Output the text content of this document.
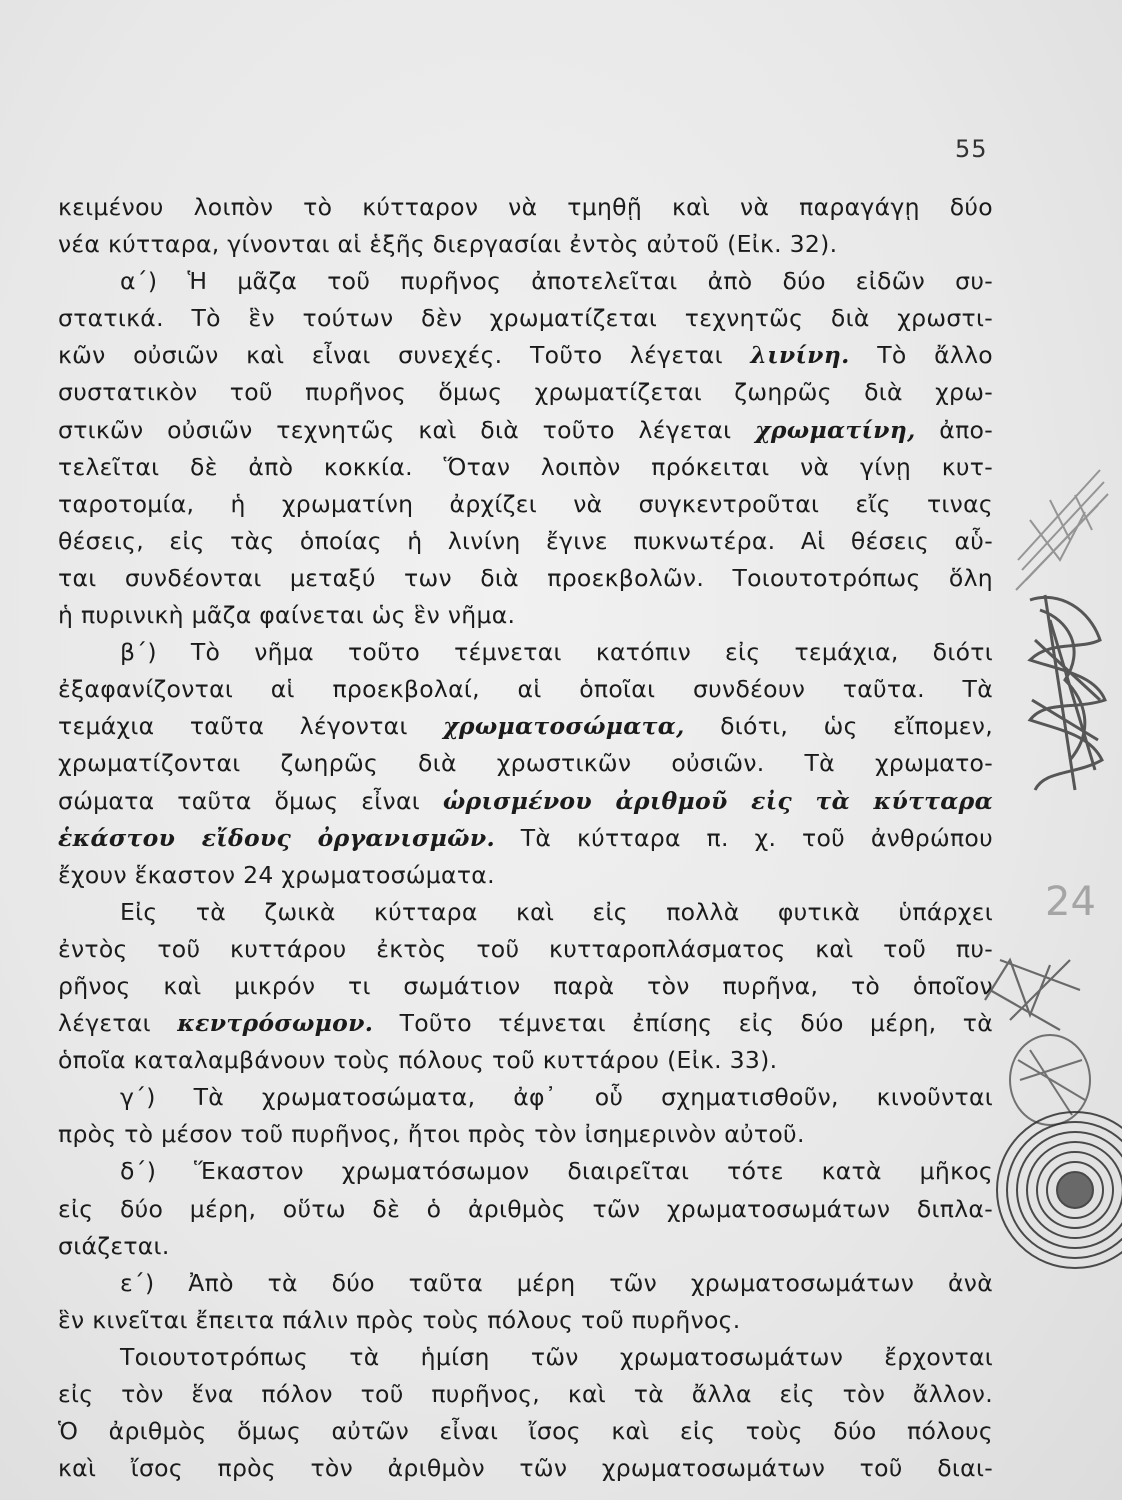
55
κειμένου λοιπὸν τὸ κύτταρον νὰ τμηθῇ καὶ νὰ παραγάγῃ δύο
νέα κύτταρα, γίνονται αἱ ἑξῆς διεργασίαι ἐντὸς αὐτοῦ (Εἰκ. 32).
α΄) Ἡ μᾶζα τοῦ πυρῆνος ἀποτελεῖται ἀπὸ δύο εἰδῶν συ-
στατικά. Τὸ ἓν τούτων δὲν χρωματίζεται τεχνητῶς διὰ χρωστι-
κῶν οὐσιῶν καὶ εἶναι συνεχές. Τοῦτο λέγεται λινίνη. Τὸ ἄλλο
συστατικὸν τοῦ πυρῆνος ὅμως χρωματίζεται ζωηρῶς διὰ χρω-
στικῶν οὐσιῶν τεχνητῶς καὶ διὰ τοῦτο λέγεται χρωματίνη, ἀπο-
τελεῖται δὲ ἀπὸ κοκκία. Ὅταν λοιπὸν πρόκειται νὰ γίνῃ κυτ-
ταροτομία, ἡ χρωματίνη ἀρχίζει νὰ συγκεντροῦται εἴς τινας
θέσεις, εἰς τὰς ὁποίας ἡ λινίνη ἔγινε πυκνωτέρα. Αἱ θέσεις αὗ-
ται συνδέονται μεταξύ των διὰ προεκβολῶν. Τοιουτοτρόπως ὅλη
ἡ πυρινικὴ μᾶζα φαίνεται ὡς ἓν νῆμα.
β΄) Τὸ νῆμα τοῦτο τέμνεται κατόπιν εἰς τεμάχια, διότι
ἐξαφανίζονται αἱ προεκβολαί, αἱ ὁποῖαι συνδέουν ταῦτα. Τὰ
τεμάχια ταῦτα λέγονται χρωματοσώματα, διότι, ὡς εἴπομεν,
χρωματίζονται ζωηρῶς διὰ χρωστικῶν οὐσιῶν. Τὰ χρωματο-
σώματα ταῦτα ὅμως εἶναι ὡρισμένου ἀριθμοῦ εἰς τὰ κύτταρα
ἑκάστου εἴδους ὀργανισμῶν. Τὰ κύτταρα π. χ. τοῦ ἀνθρώπου
ἔχουν ἕκαστον 24 χρωματοσώματα.
Εἰς τὰ ζωικὰ κύτταρα καὶ εἰς πολλὰ φυτικὰ ὑπάρχει
ἐντὸς τοῦ κυττάρου ἐκτὸς τοῦ κυτταροπλάσματος καὶ τοῦ πυ-
ρῆνος καὶ μικρόν τι σωμάτιον παρὰ τὸν πυρῆνα, τὸ ὁποῖον
λέγεται κεντρόσωμον. Τοῦτο τέμνεται ἐπίσης εἰς δύο μέρη, τὰ
ὁποῖα καταλαμβάνουν τοὺς πόλους τοῦ κυττάρου (Εἰκ. 33).
γ΄) Τὰ χρωματοσώματα, ἀφ᾿ οὗ σχηματισθοῦν, κινοῦνται
πρὸς τὸ μέσον τοῦ πυρῆνος, ἤτοι πρὸς τὸν ἰσημερινὸν αὐτοῦ.
δ΄) Ἕκαστον χρωματόσωμον διαιρεῖται τότε κατὰ μῆκος
εἰς δύο μέρη, οὕτω δὲ ὁ ἀριθμὸς τῶν χρωματοσωμάτων διπλα-
σιάζεται.
ε΄) Ἀπὸ τὰ δύο ταῦτα μέρη τῶν χρωματοσωμάτων ἀνὰ
ἓν κινεῖται ἔπειτα πάλιν πρὸς τοὺς πόλους τοῦ πυρῆνος.
Τοιουτοτρόπως τὰ ἡμίση τῶν χρωματοσωμάτων ἔρχονται
εἰς τὸν ἕνα πόλον τοῦ πυρῆνος, καὶ τὰ ἄλλα εἰς τὸν ἄλλον.
Ὁ ἀριθμὸς ὅμως αὐτῶν εἶναι ἴσος καὶ εἰς τοὺς δύο πόλους
καὶ ἴσος πρὸς τὸν ἀριθμὸν τῶν χρωματοσωμάτων τοῦ διαι-
24
